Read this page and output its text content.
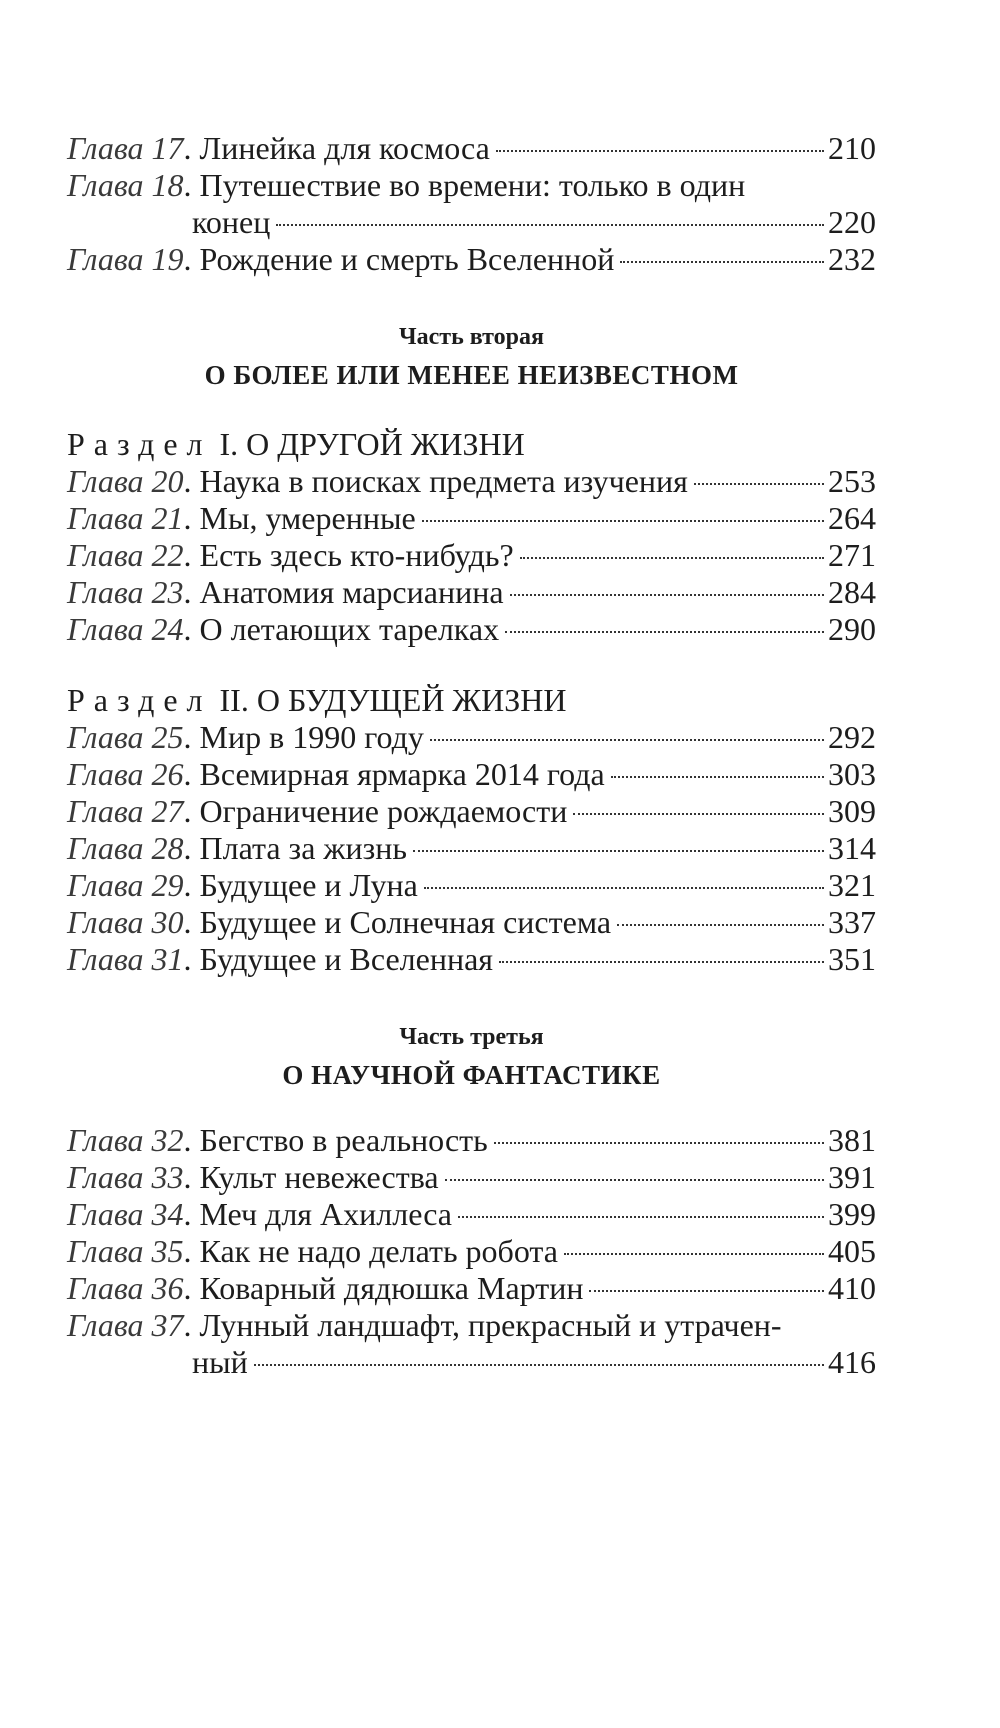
Глава 17 . Линейка для космоса	210
Глава 18. Путешествие во времени: только в один
конец	220
Глава 19 . Рождение и смерть Вселенной	232
Часть вторая
О БОЛЕЕ ИЛИ МЕНЕЕ НЕИЗВЕСТНОМ
Раздел I. О ДРУГОЙ ЖИЗНИ
Глава 20 . Наука в поисках предмета изучения	253
Глава 21 . Мы, умеренные	264
Глава 22 . Есть здесь кто-нибудь?	271
Глава 23 . Анатомия марсианина	284
Глава 24 . О летающих тарелках	290
Раздел II. О БУДУЩЕЙ ЖИЗНИ
Глава 25 . Мир в 1990 году	292
Глава 26 . Всемирная ярмарка 2014 года	303
Глава 27 . Ограничение рождаемости	309
Глава 28 . Плата за жизнь	314
Глава 29 . Будущее и Луна	321
Глава 30 . Будущее и Солнечная система	337
Глава 31 . Будущее и Вселенная	351
Часть третья
О НАУЧНОЙ ФАНТАСТИКЕ
Глава 32 . Бегство в реальность	381
Глава 33 . Культ невежества	391
Глава 34 . Меч для Ахиллеса	399
Глава 35 . Как не надо делать робота	405
Глава 36 . Коварный дядюшка Мартин	410
Глава 37. Лунный ландшафт, прекрасный и утрачен-
ный	416
